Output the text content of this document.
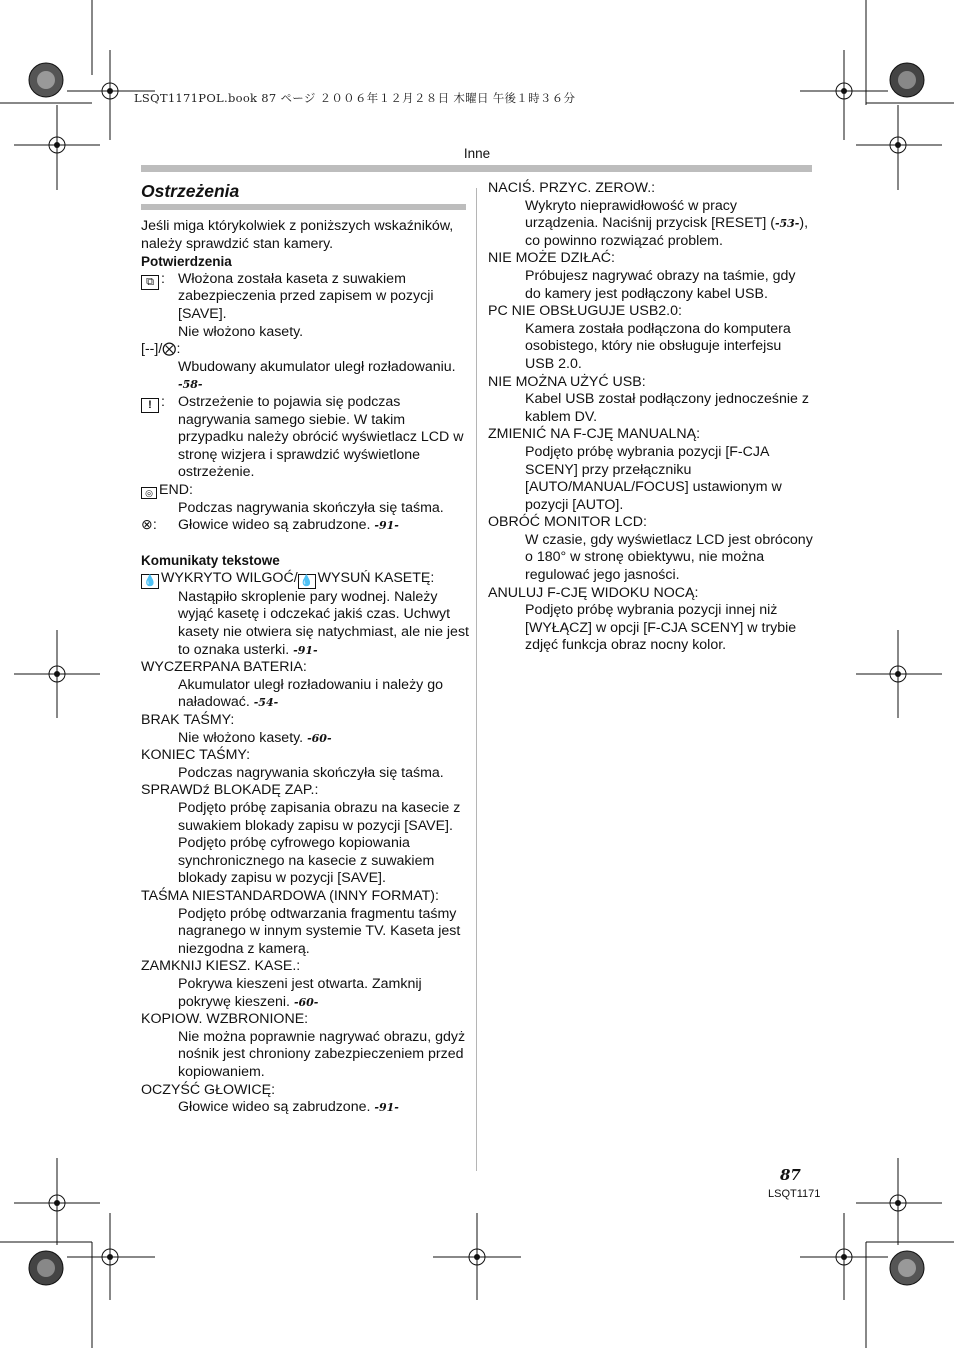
LSQT1171POL.book 87 ページ ２００６年１２月２８日 木曜日 午後１時３６分
Inne
Ostrzeżenia

Jeśli miga którykolwiek z poniższych wskaźników, należy sprawdzić stan kamery.

Potwierdzenia

⧉ : Włożona została kaseta z suwakiem zabezpieczenia przed zapisem w pozycji [SAVE].
Nie włożono kasety.
[--]/⨂:
Wbudowany akumulator uległ rozładowaniu. -58-
! : Ostrzeżenie to pojawia się podczas nagrywania samego siebie. W takim przypadku należy obrócić wyświetlacz LCD w stronę wizjera i sprawdzić wyświetlone ostrzeżenie.
◎ END:
Podczas nagrywania skończyła się taśma.
⊗: Głowice wideo są zabrudzone. -91-

Komunikaty tekstowe

💧 WYKRYTO WILGOĆ/ 💧 WYSUŃ KASETĘ:

Nastąpiło skroplenie pary wodnej. Należy wyjąć kasetę i odczekać jakiś czas. Uchwyt kasety nie otwiera się natychmiast, ale nie jest to oznaka usterki. -91-

WYCZERPANA BATERIA:

Akumulator uległ rozładowaniu i należy go naładować. -54-

BRAK TAŚMY:

Nie włożono kasety. -60-

KONIEC TAŚMY:

Podczas nagrywania skończyła się taśma.

SPRAWDź BLOKADĘ ZAP.:

Podjęto próbę zapisania obrazu na kasecie z suwakiem blokady zapisu w pozycji [SAVE].

Podjęto próbę cyfrowego kopiowania synchronicznego na kasecie z suwakiem blokady zapisu w pozycji [SAVE].

TAŚMA NIESTANDARDOWA (INNY FORMAT):

Podjęto próbę odtwarzania fragmentu taśmy nagranego w innym systemie TV. Kaseta jest niezgodna z kamerą.

ZAMKNIJ KIESZ. KASE.:

Pokrywa kieszeni jest otwarta. Zamknij pokrywę kieszeni. -60-

KOPIOW. WZBRONIONE:

Nie można poprawnie nagrywać obrazu, gdyż nośnik jest chroniony zabezpieczeniem przed kopiowaniem.

OCZYŚĆ GŁOWICĘ:

Głowice wideo są zabrudzone. -91-

NACIŚ. PRZYC. ZEROW.:

Wykryto nieprawidłowość w pracy urządzenia. Naciśnij przycisk [RESET] (-53-), co powinno rozwiązać problem.

NIE MOŻE DZIŁAĆ:

Próbujesz nagrywać obrazy na taśmie, gdy do kamery jest podłączony kabel USB.

PC NIE OBSŁUGUJE USB2.0:

Kamera została podłączona do komputera osobistego, który nie obsługuje interfejsu USB 2.0.

NIE MOŻNA UŻYĆ USB:

Kabel USB został podłączony jednocześnie z kablem DV.

ZMIENIĆ NA F-CJĘ MANUALNĄ:

Podjęto próbę wybrania pozycji [F-CJA SCENY] przy przełączniku [AUTO/MANUAL/FOCUS] ustawionym w pozycji [AUTO].

OBRÓĆ MONITOR LCD:

W czasie, gdy wyświetlacz LCD jest obrócony o 180° w stronę obiektywu, nie można regulować jego jasności.

ANULUJ F-CJĘ WIDOKU NOCĄ:

Podjęto próbę wybrania pozycji innej niż [WYŁĄCZ] w opcji [F-CJA SCENY] w trybie zdjęć funkcja obraz nocny kolor.

87
LSQT1171
